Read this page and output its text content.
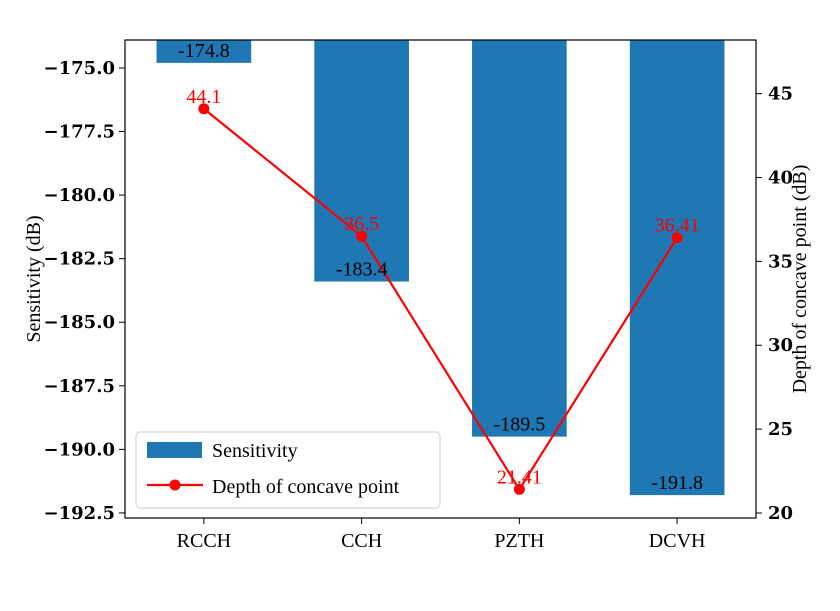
−175.0
−177.5
−180.0
−182.5
−185.0
−187.5
−190.0
−192.5	20
25
30
35
40
45
RCCH	CCH	PZTH	DCVH
-174.8
-183.4
-189.5
-191.8
44.1
36.5
21.41
36.41
Sensitivity (dB)	Depth of concave point (dB)
Sensitivity
Depth of concave point
